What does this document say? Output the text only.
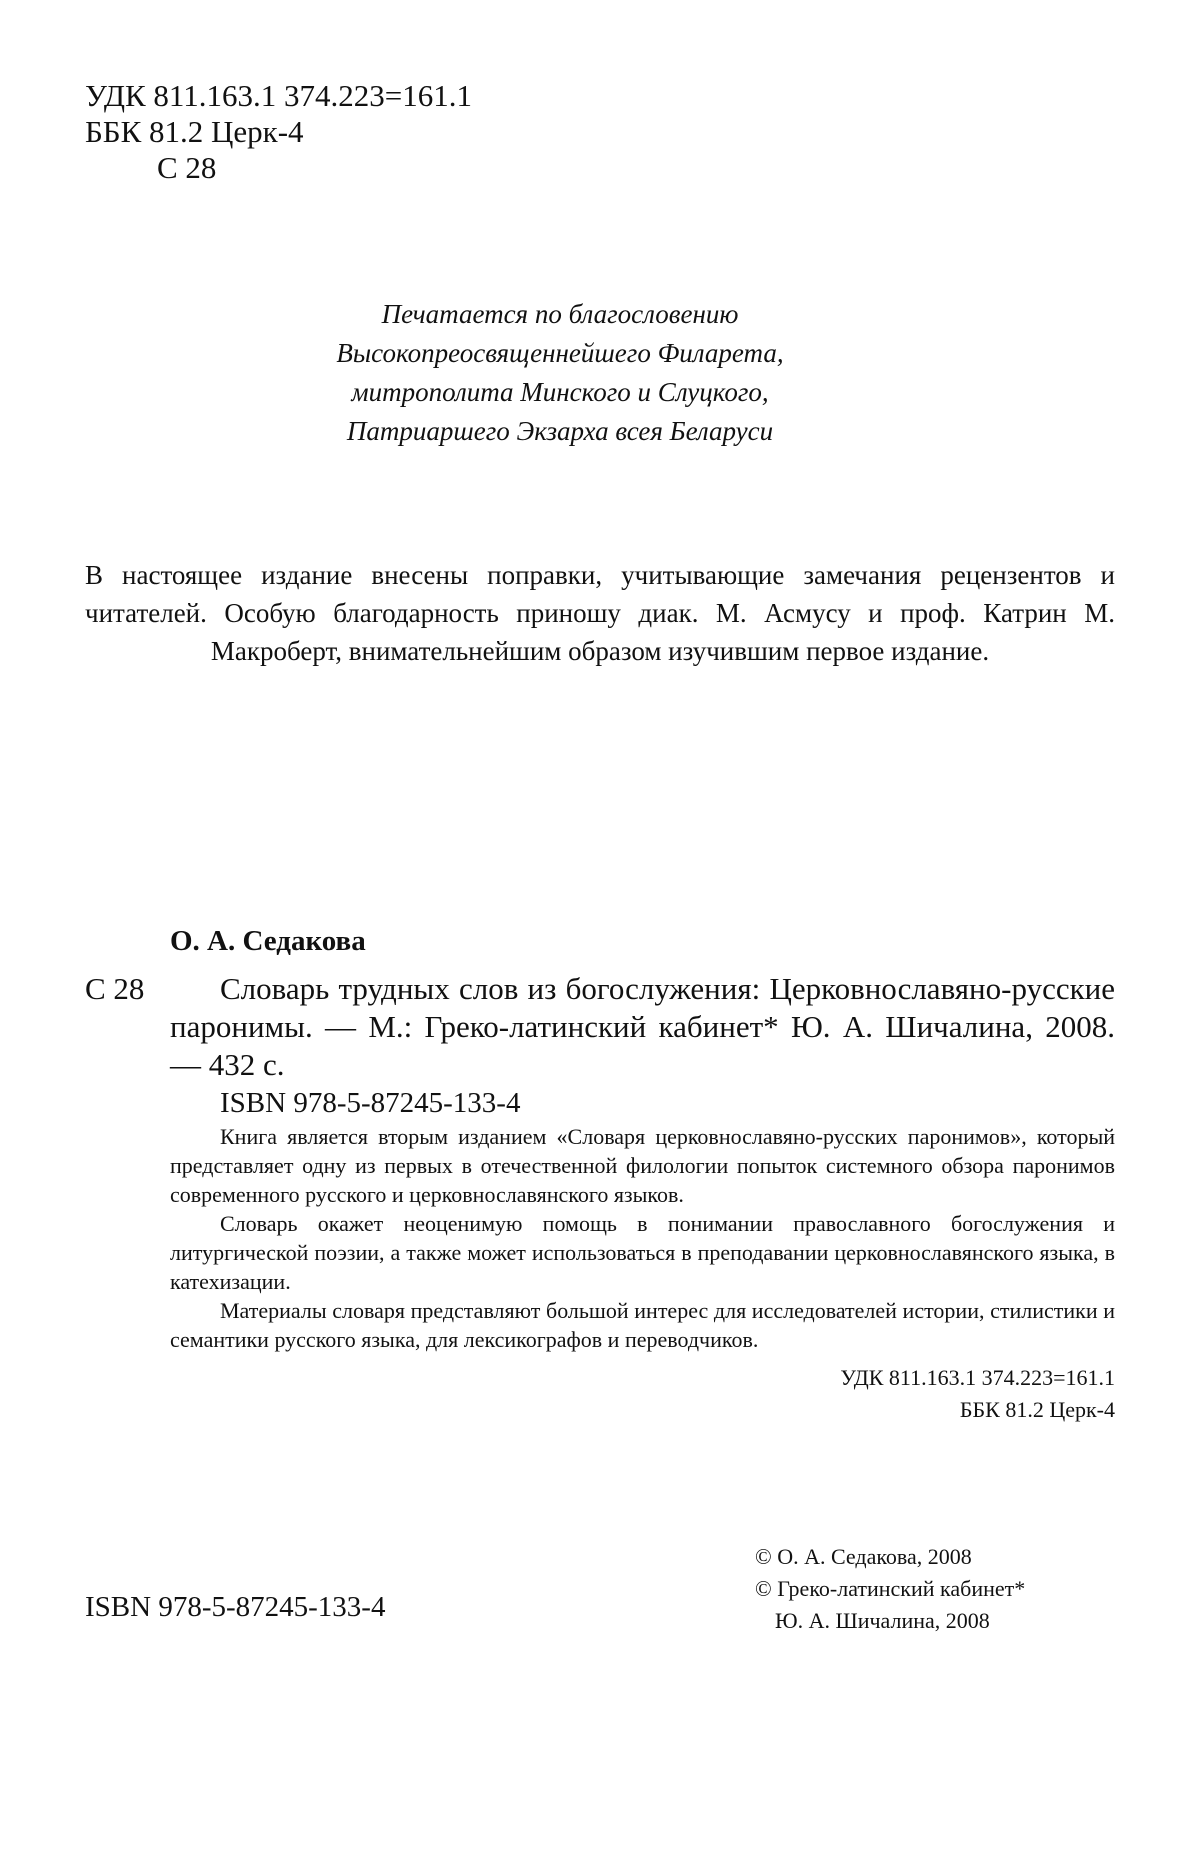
УДК 811.163.1 374.223=161.1
ББК 81.2 Церк-4
С 28
Печатается по благословению
Высокопреосвященнейшего Филарета,
митрополита Минского и Слуцкого,
Патриаршего Экзарха всея Беларуси
В настоящее издание внесены поправки, учитывающие замечания рецензентов и читателей. Особую благодарность приношу диак. М. Асмусу и проф. Катрин М. Макроберт, внимательнейшим образом изучившим первое издание.
О. А. Седакова
С 28	Словарь трудных слов из богослужения: Церковнославяно-русские паронимы. — М.: Греко-латинский кабинет* Ю. А. Шичалина, 2008. — 432 с.
ISBN 978-5-87245-133-4

Книга является вторым изданием «Словаря церковнославяно-русских паронимов», который представляет одну из первых в отечественной филологии попыток системного обзора паронимов современного русского и церковнославянского языков.

Словарь окажет неоценимую помощь в понимании православного богослужения и литургической поэзии, а также может использоваться в преподавании церковнославянского языка, в катехизации.

Материалы словаря представляют большой интерес для исследователей истории, стилистики и семантики русского языка, для лексикографов и переводчиков.

УДК 811.163.1 374.223=161.1
ББК 81.2 Церк-4
© О. А. Седакова, 2008
© Греко-латинский кабинет*
Ю. А. Шичалина, 2008
ISBN 978-5-87245-133-4
